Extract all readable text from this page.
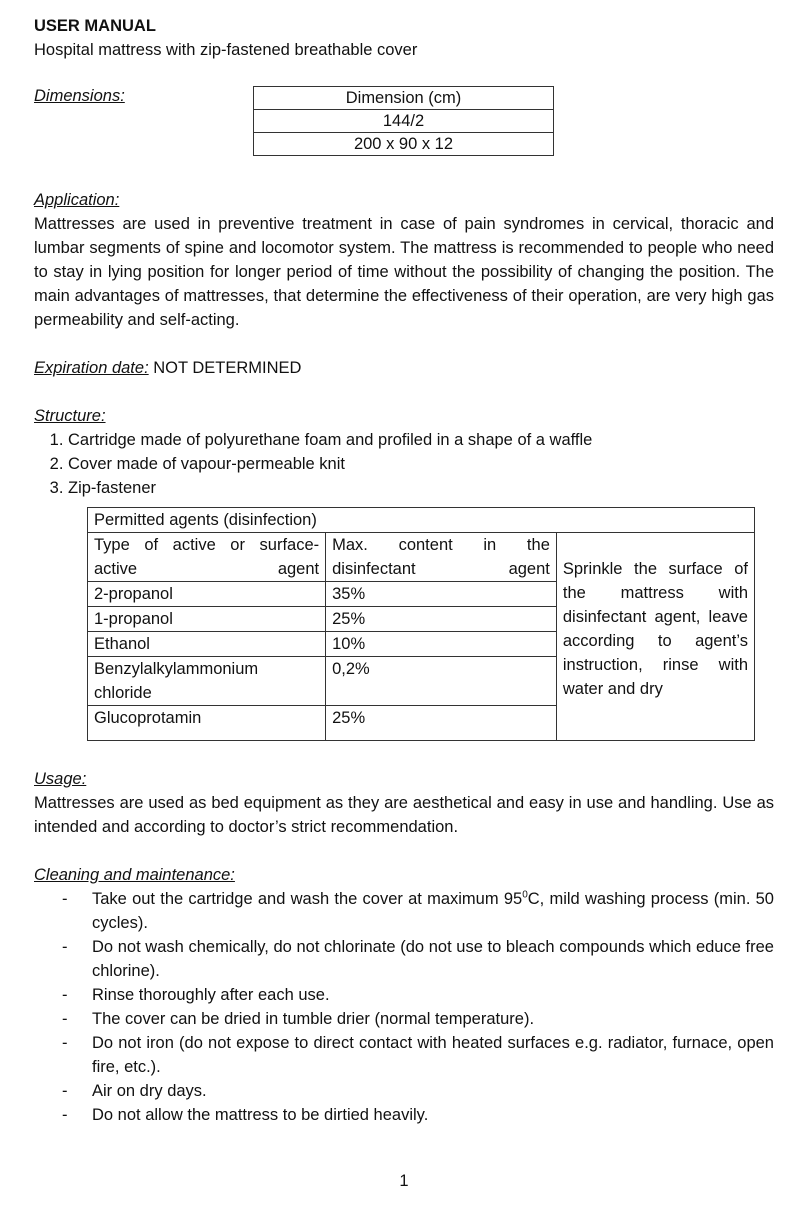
USER MANUAL
Hospital mattress with zip-fastened breathable cover
Dimensions:	Dimension (cm)
144/2
200 x 90 x 12
Application:
Mattresses are used in preventive treatment in case of pain syndromes in cervical, thoracic and lumbar segments of spine and locomotor system. The mattress is recommended to people who need to stay in lying position for longer period of time without the possibility of changing the position. The main advantages of mattresses, that determine the effectiveness of their operation, are very high gas permeability and self-acting.
Expiration date: NOT DETERMINED
Structure:
1. Cartridge made of polyurethane foam and profiled in a shape of a waffle
2. Cover made of vapour-permeable knit
3. Zip-fastener
Permitted agents (disinfection)		
Type of active or surface-active agent	Max. content in the disinfectant agent	Sprinkle the surface of the mattress with disinfectant agent, leave according to agent’s instruction, rinse with water and dry
2-propanol	35%	
1-propanol	25%	
Ethanol	10%	
Benzylalkylammonium chloride	0,2%	
Glucoprotamin	25%	
Usage:
Mattresses are used as bed equipment as they are aesthetical and easy in use and handling. Use as intended and according to doctor’s strict recommendation.
Cleaning and maintenance:
- Take out the cartridge and wash the cover at maximum $95^0C$, mild washing process (min. 50 cycles).
- Do not wash chemically, do not chlorinate (do not use to bleach compounds which educe free chlorine).
- Rinse thoroughly after each use.
- The cover can be dried in tumble drier (normal temperature).
- Do not iron (do not expose to direct contact with heated surfaces e.g. radiator, furnace, open fire, etc.).
- Air on dry days.
- Do not allow the mattress to be dirtied heavily.
1
